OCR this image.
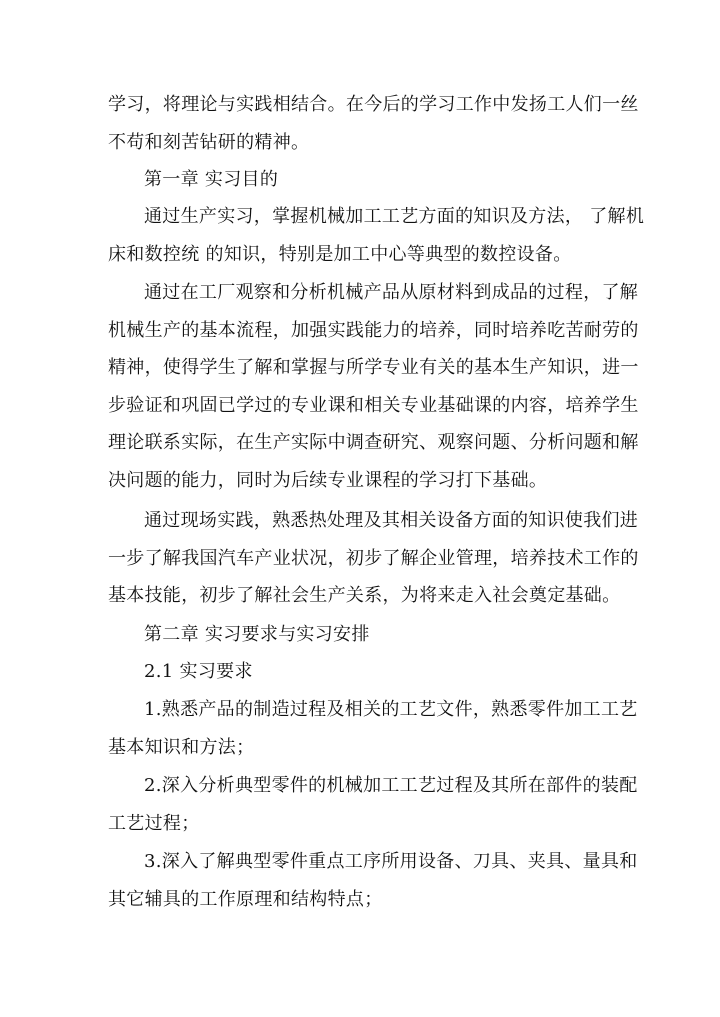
学习，将理论与实践相结合。在今后的学习工作中发扬工人们一丝
不苟和刻苦钻研的精神。
第一章 实习目的
通过生产实习，掌握机械加工工艺方面的知识及方法， 了解机
床和数控统 的知识，特别是加工中心等典型的数控设备。
通过在工厂观察和分析机械产品从原材料到成品的过程，了解
机械生产的基本流程，加强实践能力的培养，同时培养吃苦耐劳的
精神，使得学生了解和掌握与所学专业有关的基本生产知识，进一
步验证和巩固已学过的专业课和相关专业基础课的内容，培养学生
理论联系实际，在生产实际中调查研究、观察问题、分析问题和解
决问题的能力，同时为后续专业课程的学习打下基础。
通过现场实践，熟悉热处理及其相关设备方面的知识使我们进
一步了解我国汽车产业状况，初步了解企业管理，培养技术工作的
基本技能，初步了解社会生产关系，为将来走入社会奠定基础。
第二章 实习要求与实习安排
2.1 实习要求
1.熟悉产品的制造过程及相关的工艺文件，熟悉零件加工工艺
基本知识和方法；
2.深入分析典型零件的机械加工工艺过程及其所在部件的装配
工艺过程；
3.深入了解典型零件重点工序所用设备、刀具、夹具、量具和
其它辅具的工作原理和结构特点；
